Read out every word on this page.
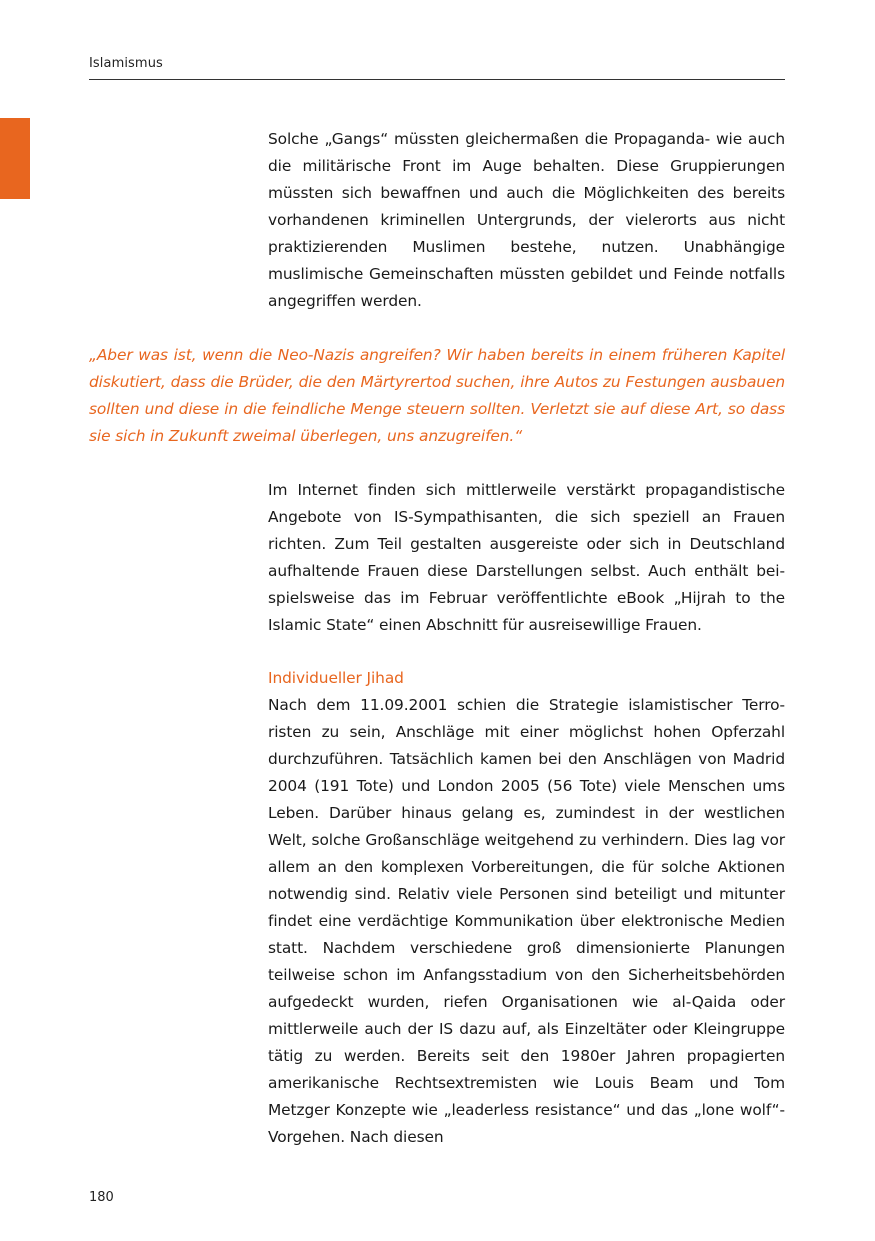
Islamismus

Solche „Gangs“ müssten gleichermaßen die Propaganda- wie auch die militärische Front im Auge behalten. Diese Gruppierungen müssten sich bewaffnen und auch die Möglichkeiten des bereits vorhandenen kriminellen Untergrunds, der vielerorts aus nicht praktizierenden Muslimen bestehe, nutzen. Unabhängige muslimische Gemeinschaften müssten gebildet und Feinde notfalls angegriffen werden.

„Aber was ist, wenn die Neo-Nazis angreifen? Wir haben bereits in einem früheren Kapitel diskutiert, dass die Brüder, die den Märtyrertod suchen, ihre Autos zu Festungen ausbauen sollten und diese in die feindliche Menge steuern sollten. Verletzt sie auf diese Art, so dass sie sich in Zukunft zweimal überlegen, uns anzugreifen.“

Im Internet finden sich mittlerweile verstärkt propagandistische Angebote von IS-Sympathisanten, die sich speziell an Frauen richten. Zum Teil gestalten ausgereiste oder sich in Deutschland aufhaltende Frauen diese Darstellungen selbst. Auch enthält beispielsweise das im Februar veröffentlichte eBook „Hijrah to the Islamic State“ einen Abschnitt für ausreisewillige Frauen.

Individueller Jihad

Nach dem 11.09.2001 schien die Strategie islamistischer Terroristen zu sein, Anschläge mit einer möglichst hohen Opferzahl durchzuführen. Tatsächlich kamen bei den Anschlägen von Madrid 2004 (191 Tote) und London 2005 (56 Tote) viele Menschen ums Leben. Darüber hinaus gelang es, zumindest in der westlichen Welt, solche Großanschläge weitgehend zu verhindern. Dies lag vor allem an den komplexen Vorbereitungen, die für solche Aktionen notwendig sind. Relativ viele Personen sind beteiligt und mitunter findet eine verdächtige Kommunikation über elektronische Medien statt. Nachdem verschiedene groß dimensionierte Planungen teilweise schon im Anfangsstadium von den Sicherheitsbehörden aufgedeckt wurden, riefen Organisationen wie al-Qaida oder mittlerweile auch der IS dazu auf, als Einzeltäter oder Kleingruppe tätig zu werden. Bereits seit den 1980er Jahren propagierten amerikanische Rechtsextremisten wie Louis Beam und Tom Metzger Konzepte wie „leaderless resistance“ und das „lone wolf“-Vorgehen. Nach diesen

180
